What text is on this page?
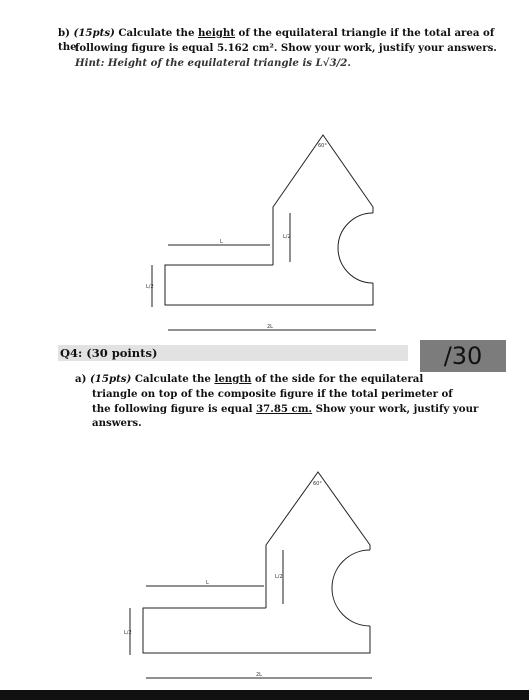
b) (15pts) Calculate the height of the equilateral triangle if the total area of the
following figure is equal 5.162 cm². Show your work, justify your answers.
Hint: Height of the equilateral triangle is L√3/2.
60°
L/2
L/2
L
2L
Q4: (30 points)	/30
a) (15pts) Calculate the length of the side for the equilateral
triangle on top of the composite figure if the total perimeter of
the following figure is equal 37.85 cm. Show your work, justify your answers.
60°
L/2
L/2
L
2L
